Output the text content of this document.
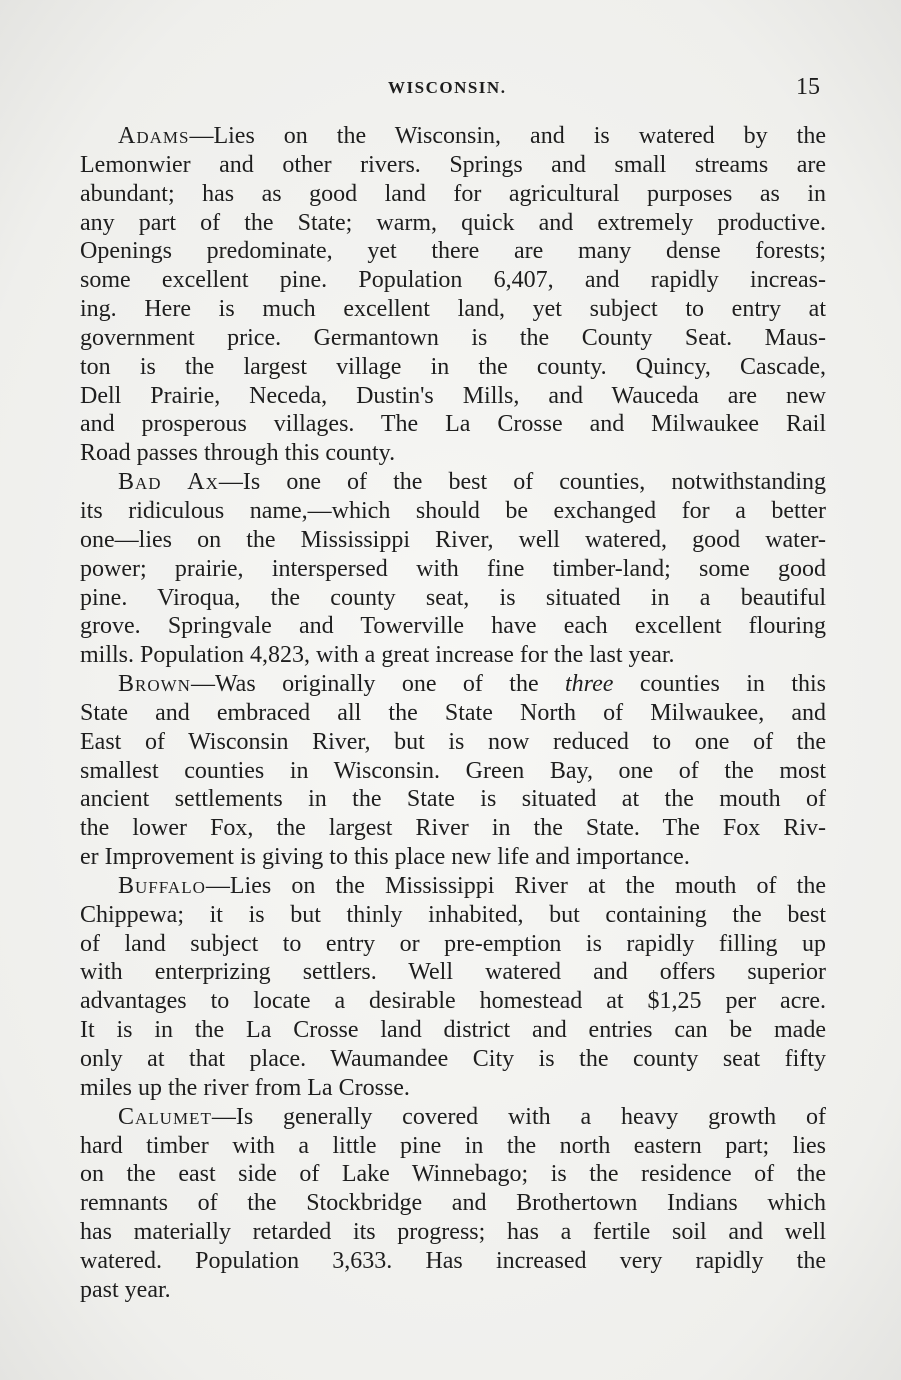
WISCONSIN.	15
Adams—Lies on the Wisconsin, and is watered by the
Lemonwier and other rivers. Springs and small streams are
abundant; has as good land for agricultural purposes as in
any part of the State; warm, quick and extremely productive.
Openings predominate, yet there are many dense forests;
some excellent pine. Population 6,407, and rapidly increas-
ing. Here is much excellent land, yet subject to entry at
government price. Germantown is the County Seat. Maus-
ton is the largest village in the county. Quincy, Cascade,
Dell Prairie, Neceda, Dustin's Mills, and Wauceda are new
and prosperous villages. The La Crosse and Milwaukee Rail
Road passes through this county.
Bad Ax—Is one of the best of counties, notwithstanding
its ridiculous name,—which should be exchanged for a better
one—lies on the Mississippi River, well watered, good water-
power; prairie, interspersed with fine timber-land; some good
pine. Viroqua, the county seat, is situated in a beautiful
grove. Springvale and Towerville have each excellent flouring
mills. Population 4,823, with a great increase for the last year.
Brown—Was originally one of the three counties in this
State and embraced all the State North of Milwaukee, and
East of Wisconsin River, but is now reduced to one of the
smallest counties in Wisconsin. Green Bay, one of the most
ancient settlements in the State is situated at the mouth of
the lower Fox, the largest River in the State. The Fox Riv-
er Improvement is giving to this place new life and importance.
Buffalo—Lies on the Mississippi River at the mouth of the
Chippewa; it is but thinly inhabited, but containing the best
of land subject to entry or pre-emption is rapidly filling up
with enterprizing settlers. Well watered and offers superior
advantages to locate a desirable homestead at $1,25 per acre.
It is in the La Crosse land district and entries can be made
only at that place. Waumandee City is the county seat fifty
miles up the river from La Crosse.
Calumet—Is generally covered with a heavy growth of
hard timber with a little pine in the north eastern part; lies
on the east side of Lake Winnebago; is the residence of the
remnants of the Stockbridge and Brothertown Indians which
has materially retarded its progress; has a fertile soil and well
watered. Population 3,633. Has increased very rapidly the
past year.
